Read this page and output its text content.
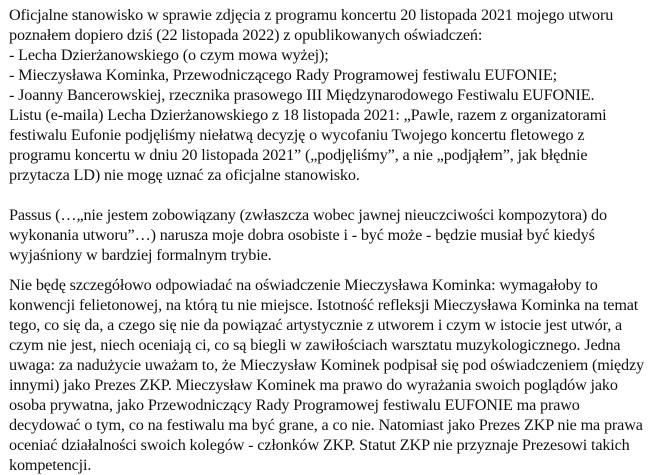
Oficjalne stanowisko w sprawie zdjęcia z programu koncertu 20 listopada 2021 mojego utworu
poznałem dopiero dziś (22 listopada 2022) z opublikowanych oświadczeń:
- Lecha Dzierżanowskiego (o czym mowa wyżej);
- Mieczysława Kominka, Przewodniczącego Rady Programowej festiwalu EUFONIE;
- Joanny Bancerowskiej, rzecznika prasowego III Międzynarodowego Festiwalu EUFONIE.
Listu (e-maila) Lecha Dzierżanowskiego z 18 listopada 2021: „Pawle, razem z organizatorami
festiwalu Eufonie podjęliśmy niełatwą decyzję o wycofaniu Twojego koncertu fletowego z
programu koncertu w dniu 20 listopada 2021” („podjęliśmy”, a nie „podjąłem”, jak błędnie
przytacza LD) nie mogę uznać za oficjalne stanowisko.
Passus (…„nie jestem zobowiązany (zwłaszcza wobec jawnej nieuczciwości kompozytora) do
wykonania utworu”…) narusza moje dobra osobiste i - być może - będzie musiał być kiedyś
wyjaśniony w bardziej formalnym trybie.
Nie będę szczegółowo odpowiadać na oświadczenie Mieczysława Kominka: wymagałoby to
konwencji felietonowej, na którą tu nie miejsce. Istotność refleksji Mieczysława Kominka na temat
tego, co się da, a czego się nie da powiązać artystycznie z utworem i czym w istocie jest utwór, a
czym nie jest, niech oceniają ci, co są biegli w zawiłościach warsztatu muzykologicznego. Jedna
uwaga: za nadużycie uważam to, że Mieczysław Kominek podpisał się pod oświadczeniem (między
innymi) jako Prezes ZKP. Mieczysław Kominek ma prawo do wyrażania swoich poglądów jako
osoba prywatna, jako Przewodniczący Rady Programowej festiwalu EUFONIE ma prawo
decydować o tym, co na festiwalu ma być grane, a co nie. Natomiast jako Prezes ZKP nie ma prawa
oceniać działalności swoich kolegów - członków ZKP. Statut ZKP nie przyznaje Prezesowi takich
kompetencji.
